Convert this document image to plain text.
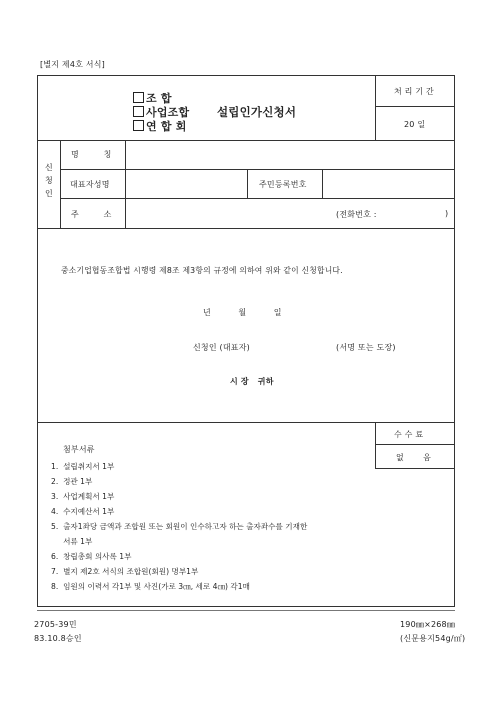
[별지 제4호 서식]
조 합
사업조합
연 합 회
설립인가신청서
처 리 기 간
20 일
신
청
인
명         칭
대표자성명	주민등록번호
주         소	(전화번호 :	)
중소기업협동조합법 시행령 제8조 제3항의 규정에 의하여 위와 같이 신청합니다.
년          월          일
신청인 (대표자)	(서명 또는 도장)
시 장   귀하
수 수 료
없       음
첨부서류
1.  설립취지서 1부
2.  정관 1부
3.  사업계획서 1부
4.  수지예산서 1부
5.  출자1좌당 금액과 조합원 또는 회원이 인수하고자 하는 출자좌수를 기재한
서류 1부
6.  창립총회 의사록 1부
7.  별지 제2호 서식의 조합원(회원) 명부1부
8.  임원의 이력서 각1부 및 사진(가로 3㎝, 세로 4㎝) 각1매
2705-39민
83.10.8승인
190㎜×268㎜
(신문용지54g/㎡)
